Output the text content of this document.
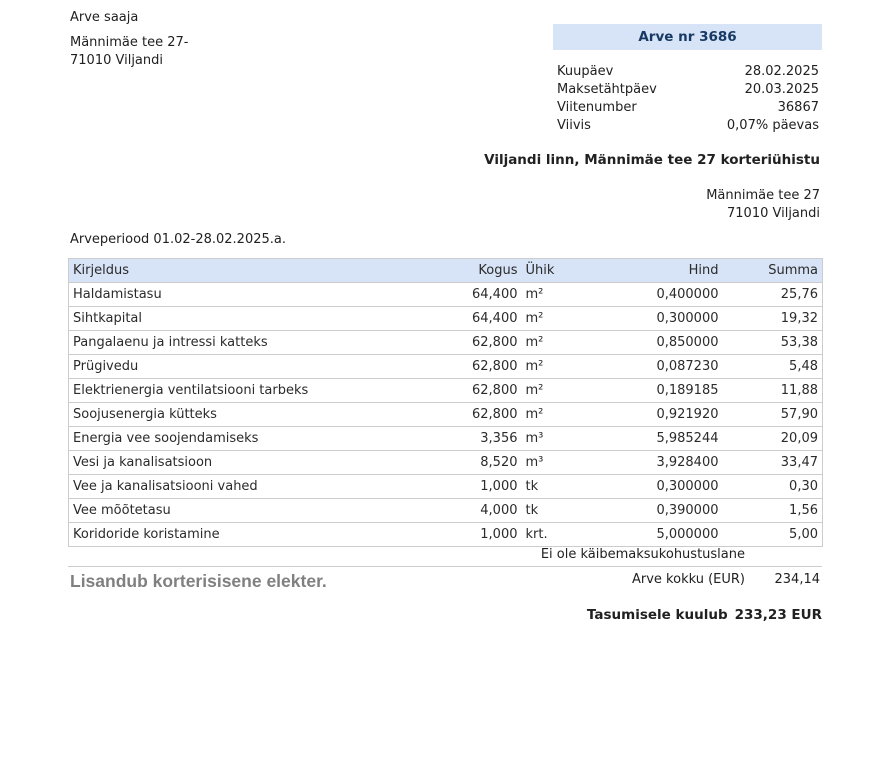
Arve saaja
Männimäe tee 27-
71010 Viljandi
Arve nr 3686
Kuupäev	28.02.2025
Maksetähtpäev	20.03.2025
Viitenumber	36867
Viivis	0,07% päevas
Viljandi linn, Männimäe tee 27 korteriühistu
Männimäe tee 27
71010 Viljandi
Arveperiood 01.02-28.02.2025.a.
Kirjeldus	Kogus	Ühik	Hind	Summa
Haldamistasu	64,400	m²	0,400000	25,76
Sihtkapital	64,400	m²	0,300000	19,32
Pangalaenu ja intressi katteks	62,800	m²	0,850000	53,38
Prügivedu	62,800	m²	0,087230	5,48
Elektrienergia ventilatsiooni tarbeks	62,800	m²	0,189185	11,88
Soojusenergia kütteks	62,800	m²	0,921920	57,90
Energia vee soojendamiseks	3,356	m³	5,985244	20,09
Vesi ja kanalisatsioon	8,520	m³	3,928400	33,47
Vee ja kanalisatsiooni vahed	1,000	tk	0,300000	0,30
Vee mõõtetasu	4,000	tk	0,390000	1,56
Koridoride koristamine	1,000	krt.	5,000000	5,00
Ei ole käibemaksukohustuslane
Lisandub korterisisene elekter.	Arve kokku (EUR) 234,14
Tasumisele kuulub 233,23 EUR
